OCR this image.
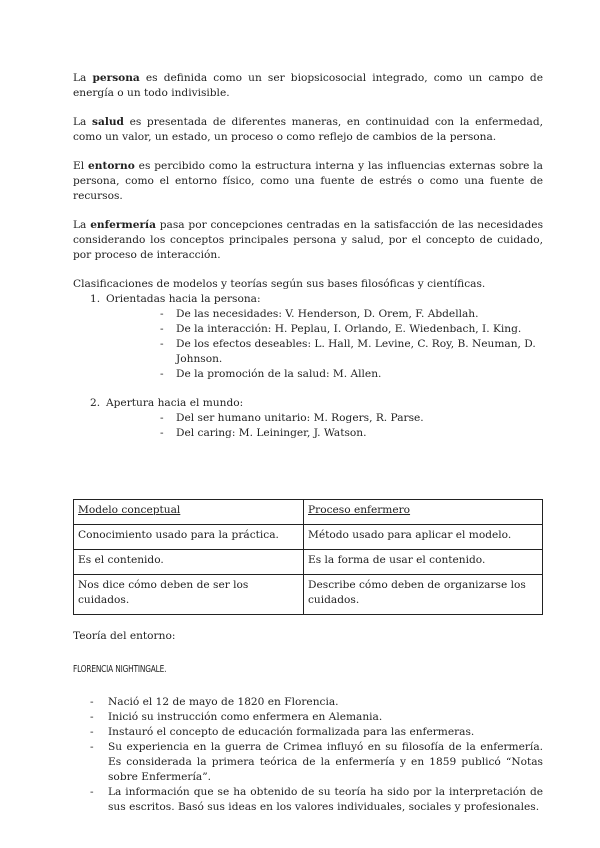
La persona es definida como un ser biopsicosocial integrado, como un campo de energía o un todo indivisible.

La salud es presentada de diferentes maneras, en continuidad con la enfermedad, como un valor, un estado, un proceso o como reflejo de cambios de la persona.

El entorno es percibido como la estructura interna y las influencias externas sobre la persona, como el entorno físico, como una fuente de estrés o como una fuente de recursos.

La enfermería pasa por concepciones centradas en la satisfacción de las necesidades considerando los conceptos principales persona y salud, por el concepto de cuidado, por proceso de interacción.

Clasificaciones de modelos y teorías según sus bases filosóficas y científicas.

1. Orientadas hacia la persona:
- De las necesidades: V. Henderson, D. Orem, F. Abdellah.
- De la interacción: H. Peplau, I. Orlando, E. Wiedenbach, I. King.
- De los efectos deseables: L. Hall, M. Levine, C. Roy, B. Neuman, D. Johnson.
- De la promoción de la salud: M. Allen.
2. Apertura hacia el mundo:
- Del ser humano unitario: M. Rogers, R. Parse.
- Del caring: M. Leininger, J. Watson.
Modelo conceptual	Proceso enfermero
Conocimiento usado para la práctica.	Método usado para aplicar el modelo.
Es el contenido.	Es la forma de usar el contenido.
Nos dice cómo deben de ser los cuidados.	Describe cómo deben de organizarse los cuidados.

Teoría del entorno:

FLORENCIA NIGHTINGALE.

- Nació el 12 de mayo de 1820 en Florencia.
- Inició su instrucción como enfermera en Alemania.
- Instauró el concepto de educación formalizada para las enfermeras.
- Su experiencia en la guerra de Crimea influyó en su filosofía de la enfermería. Es considerada la primera teórica de la enfermería y en 1859 publicó “Notas sobre Enfermería”.
- La información que se ha obtenido de su teoría ha sido por la interpretación de sus escritos. Basó sus ideas en los valores individuales, sociales y profesionales.
